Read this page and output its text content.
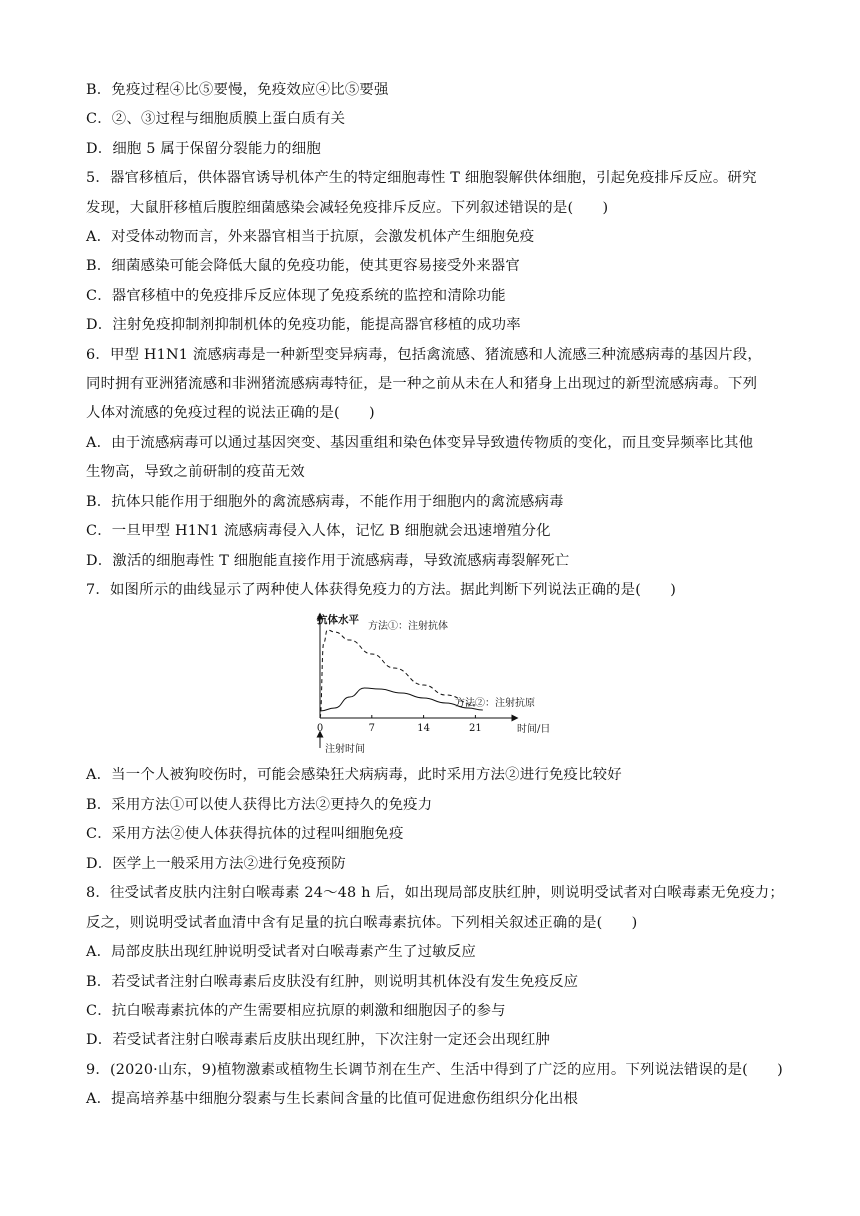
B．免疫过程④比⑤要慢，免疫效应④比⑤要强
C．②、③过程与细胞质膜上蛋白质有关
D．细胞 5 属于保留分裂能力的细胞
5．器官移植后，供体器官诱导机体产生的特定细胞毒性 T 细胞裂解供体细胞，引起免疫排斥反应。研究
发现，大鼠肝移植后腹腔细菌感染会减轻免疫排斥反应。下列叙述错误的是(　　)
A．对受体动物而言，外来器官相当于抗原，会激发机体产生细胞免疫
B．细菌感染可能会降低大鼠的免疫功能，使其更容易接受外来器官
C．器官移植中的免疫排斥反应体现了免疫系统的监控和清除功能
D．注射免疫抑制剂抑制机体的免疫功能，能提高器官移植的成功率
6．甲型 H1N1 流感病毒是一种新型变异病毒，包括禽流感、猪流感和人流感三种流感病毒的基因片段，
同时拥有亚洲猪流感和非洲猪流感病毒特征，是一种之前从未在人和猪身上出现过的新型流感病毒。下列
人体对流感的免疫过程的说法正确的是(　　)
A．由于流感病毒可以通过基因突变、基因重组和染色体变异导致遗传物质的变化，而且变异频率比其他
生物高，导致之前研制的疫苗无效
B．抗体只能作用于细胞外的禽流感病毒，不能作用于细胞内的禽流感病毒
C．一旦甲型 H1N1 流感病毒侵入人体，记忆 B 细胞就会迅速增殖分化
D．激活的细胞毒性 T 细胞能直接作用于流感病毒，导致流感病毒裂解死亡
7．如图所示的曲线显示了两种使人体获得免疫力的方法。据此判断下列说法正确的是(　　)
A．当一个人被狗咬伤时，可能会感染狂犬病病毒，此时采用方法②进行免疫比较好
B．采用方法①可以使人获得比方法②更持久的免疫力
C．采用方法②使人体获得抗体的过程叫细胞免疫
D．医学上一般采用方法②进行免疫预防
8．往受试者皮肤内注射白喉毒素 24～48 h 后，如出现局部皮肤红肿，则说明受试者对白喉毒素无免疫力；
反之，则说明受试者血清中含有足量的抗白喉毒素抗体。下列相关叙述正确的是(　　)
A．局部皮肤出现红肿说明受试者对白喉毒素产生了过敏反应
B．若受试者注射白喉毒素后皮肤没有红肿，则说明其机体没有发生免疫反应
C．抗白喉毒素抗体的产生需要相应抗原的刺激和细胞因子的参与
D．若受试者注射白喉毒素后皮肤出现红肿，下次注射一定还会出现红肿
9．(2020·山东，9)植物激素或植物生长调节剂在生产、生活中得到了广泛的应用。下列说法错误的是(　　)
A．提高培养基中细胞分裂素与生长素间含量的比值可促进愈伤组织分化出根
0	7	14	21
抗体水平
时间/日
注射时间
方法①：注射抗体
方法②：注射抗原
